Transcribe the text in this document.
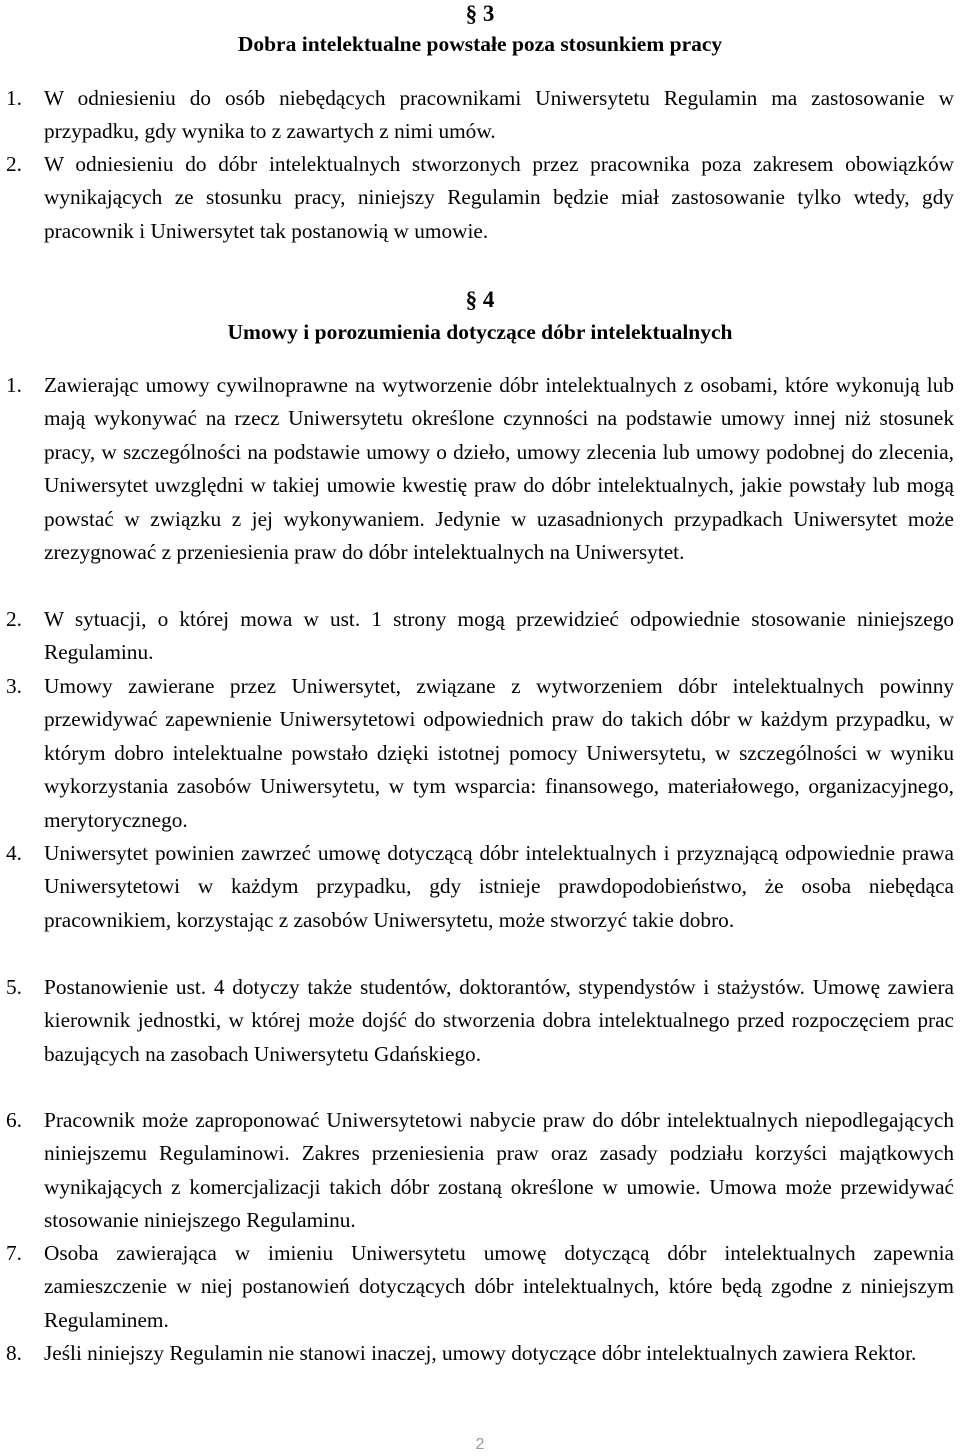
§ 3
Dobra intelektualne powstałe poza stosunkiem pracy
1.	W odniesieniu do osób niebędących pracownikami Uniwersytetu Regulamin ma zastosowanie w przypadku, gdy wynika to z zawartych z nimi umów.
2.	W odniesieniu do dóbr intelektualnych stworzonych przez pracownika poza zakresem obowiązków wynikających ze stosunku pracy, niniejszy Regulamin będzie miał zastosowanie tylko wtedy, gdy pracownik i Uniwersytet tak postanowią w umowie.
§ 4
Umowy i porozumienia dotyczące dóbr intelektualnych
1.	Zawierając umowy cywilnoprawne na wytworzenie dóbr intelektualnych z osobami, które wykonują lub mają wykonywać na rzecz Uniwersytetu określone czynności na podstawie umowy innej niż stosunek pracy, w szczególności na podstawie umowy o dzieło, umowy zlecenia lub umowy podobnej do zlecenia, Uniwersytet uwzględni w takiej umowie kwestię praw do dóbr intelektualnych, jakie powstały lub mogą powstać w związku z jej wykonywaniem. Jedynie w uzasadnionych przypadkach Uniwersytet może zrezygnować z przeniesienia praw do dóbr intelektualnych na Uniwersytet.
2.	W sytuacji, o której mowa w ust. 1 strony mogą przewidzieć odpowiednie stosowanie niniejszego Regulaminu.
3.	Umowy zawierane przez Uniwersytet, związane z wytworzeniem dóbr intelektualnych powinny przewidywać zapewnienie Uniwersytetowi odpowiednich praw do takich dóbr w każdym przypadku, w którym dobro intelektualne powstało dzięki istotnej pomocy Uniwersytetu, w szczególności w wyniku wykorzystania zasobów Uniwersytetu, w tym wsparcia: finansowego, materiałowego, organizacyjnego, merytorycznego.
4.	Uniwersytet powinien zawrzeć umowę dotyczącą dóbr intelektualnych i przyznającą odpowiednie prawa Uniwersytetowi w każdym przypadku, gdy istnieje prawdopodobieństwo, że osoba niebędąca pracownikiem, korzystając z zasobów Uniwersytetu, może stworzyć takie dobro.
5.	Postanowienie ust. 4 dotyczy także studentów, doktorantów, stypendystów i stażystów. Umowę zawiera kierownik jednostki, w której może dojść do stworzenia dobra intelektualnego przed rozpoczęciem prac bazujących na zasobach Uniwersytetu Gdańskiego.
6.	Pracownik może zaproponować Uniwersytetowi nabycie praw do dóbr intelektualnych niepodlegających niniejszemu Regulaminowi. Zakres przeniesienia praw oraz zasady podziału korzyści majątkowych wynikających z komercjalizacji takich dóbr zostaną określone w umowie. Umowa może przewidywać stosowanie niniejszego Regulaminu.
7.	Osoba zawierająca w imieniu Uniwersytetu umowę dotyczącą dóbr intelektualnych zapewnia zamieszczenie w niej postanowień dotyczących dóbr intelektualnych, które będą zgodne z niniejszym Regulaminem.
8.	Jeśli niniejszy Regulamin nie stanowi inaczej, umowy dotyczące dóbr intelektualnych zawiera Rektor.
2
